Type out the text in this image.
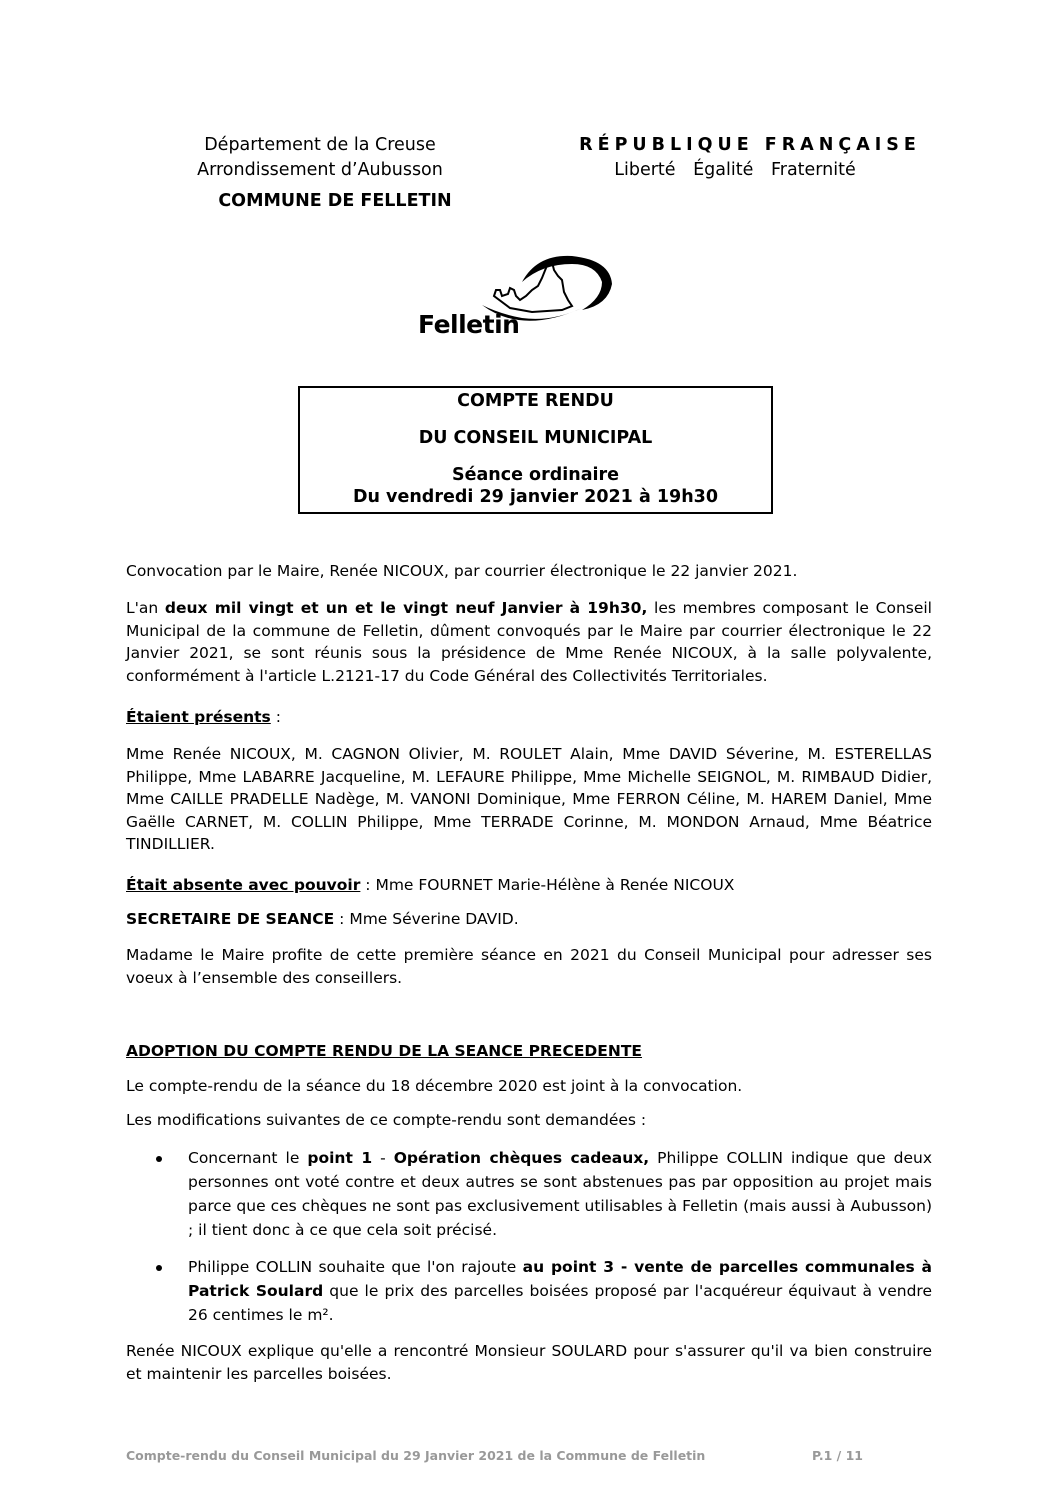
Département de la Creuse
Arrondissement d’Aubusson
COMMUNE DE FELLETIN
RÉPUBLIQUE FRANÇAISE
Liberté Égalité Fraternité
Felletin
COMPTE RENDU
DU CONSEIL MUNICIPAL
Séance ordinaire
Du vendredi 29 janvier 2021 à 19h30

Convocation par le Maire, Renée NICOUX, par courrier électronique le 22 janvier 2021.

L'an deux mil vingt et un et le vingt neuf Janvier à 19h30, les membres composant le Conseil Municipal de la commune de Felletin, dûment convoqués par le Maire par courrier électronique le 22 Janvier 2021, se sont réunis sous la présidence de Mme Renée NICOUX, à la salle polyvalente, conformément à l'article L.2121-17 du Code Général des Collectivités Territoriales.

Étaient présents :

Mme Renée NICOUX, M. CAGNON Olivier, M. ROULET Alain, Mme DAVID Séverine, M. ESTERELLAS Philippe, Mme LABARRE Jacqueline, M. LEFAURE Philippe, Mme Michelle SEIGNOL, M. RIMBAUD Didier, Mme CAILLE PRADELLE Nadège, M. VANONI Dominique, Mme FERRON Céline, M. HAREM Daniel, Mme Gaëlle CARNET, M. COLLIN Philippe, Mme TERRADE Corinne, M. MONDON Arnaud, Mme Béatrice TINDILLIER.

Était absente avec pouvoir : Mme FOURNET Marie-Hélène à Renée NICOUX

SECRETAIRE DE SEANCE : Mme Séverine DAVID.

Madame le Maire profite de cette première séance en 2021 du Conseil Municipal pour adresser ses voeux à l’ensemble des conseillers.

ADOPTION DU COMPTE RENDU DE LA SEANCE PRECEDENTE

Le compte-rendu de la séance du 18 décembre 2020 est joint à la convocation.

Les modifications suivantes de ce compte-rendu sont demandées :

Concernant le point 1 - Opération chèques cadeaux, Philippe COLLIN indique que deux personnes ont voté contre et deux autres se sont abstenues pas par opposition au projet mais parce que ces chèques ne sont pas exclusivement utilisables à Felletin (mais aussi à Aubusson) ; il tient donc à ce que cela soit précisé.

Philippe COLLIN souhaite que l'on rajoute au point 3 - vente de parcelles communales à Patrick Soulard que le prix des parcelles boisées proposé par l'acquéreur équivaut à vendre 26 centimes le m².

Renée NICOUX explique qu'elle a rencontré Monsieur SOULARD pour s'assurer qu'il va bien construire et maintenir les parcelles boisées.

Compte-rendu du Conseil Municipal du 29 Janvier 2021 de la Commune de Felletin	P.1 / 11
